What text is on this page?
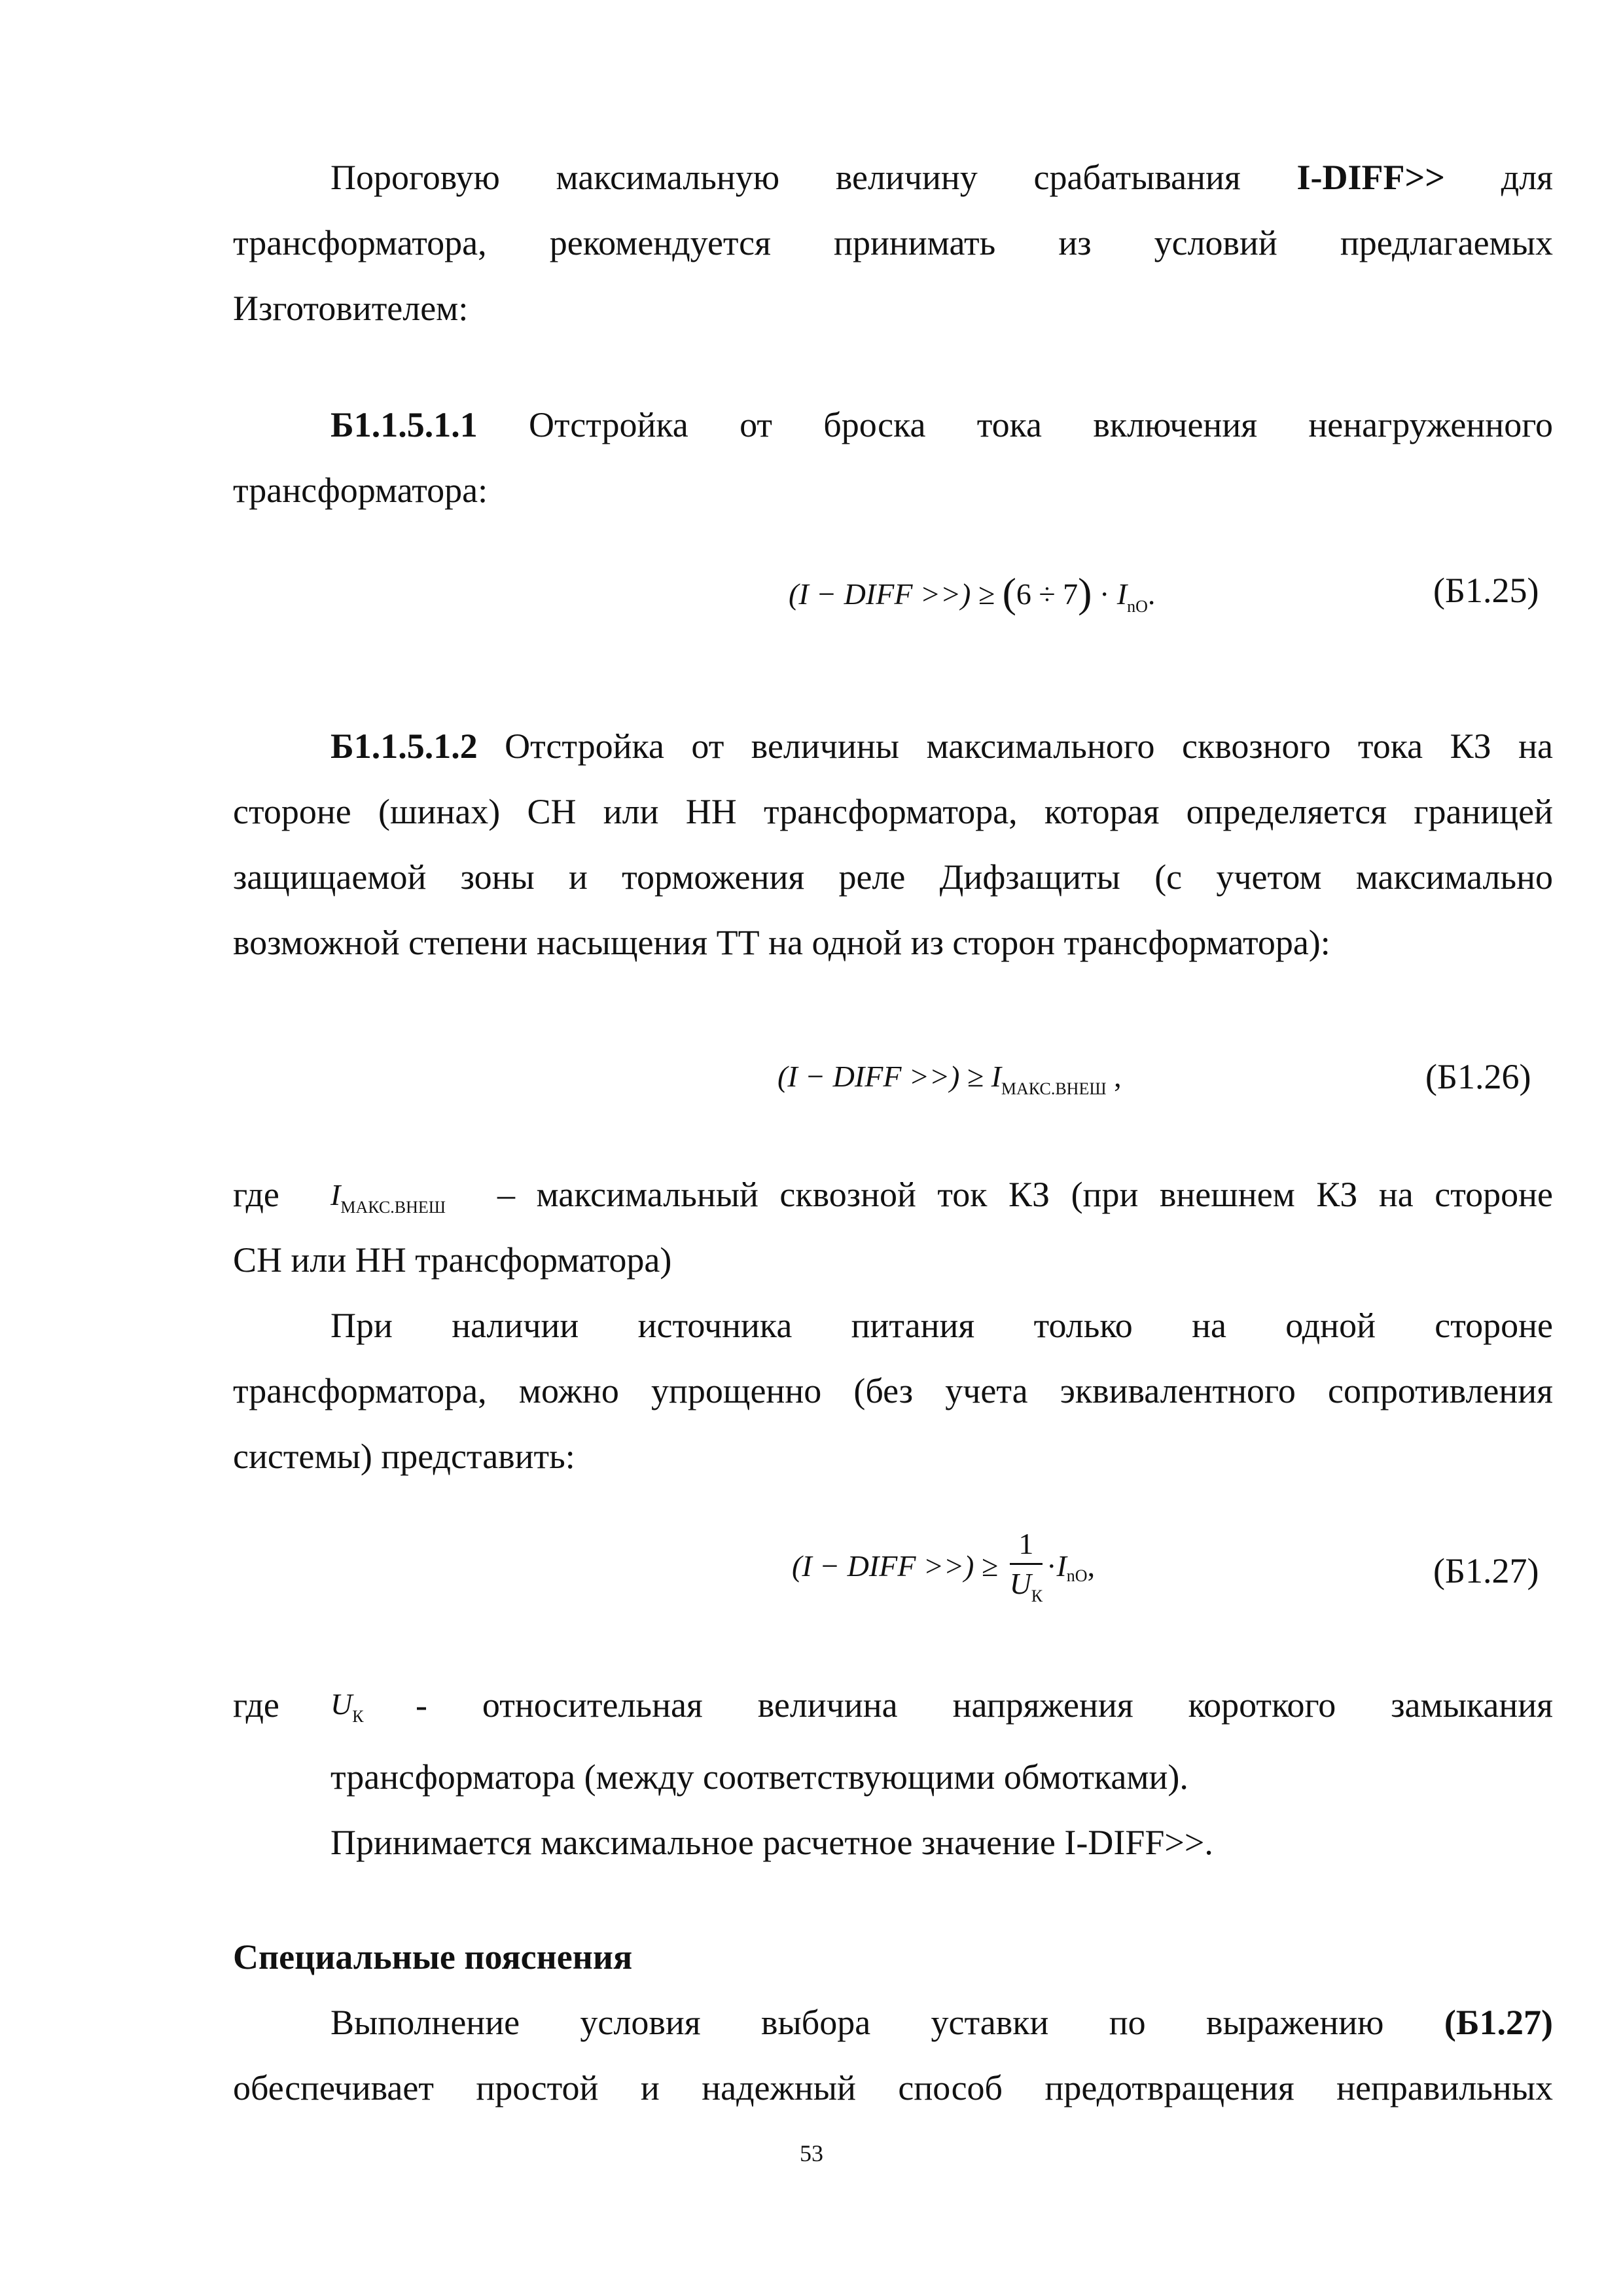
Пороговую максимальную величину срабатывания I-DIFF>> для
трансформатора, рекомендуется принимать из условий предлагаемых
Изготовителем:
Б1.1.5.1.1 Отстройка от броска тока включения ненагруженного
трансформатора:
(I − DIFF >>) ≥ $(6 \div 7) \cdot I_{nO}$.	(Б1.25)
Б1.1.5.1.2 Отстройка от величины максимального сквозного тока КЗ на
стороне (шинах) СН или НН трансформатора, которая определяется границей
защищаемой зоны и торможения реле Дифзащиты (с учетом максимально
возможной степени насыщения ТТ на одной из сторон трансформатора):
(I − DIFF >>) ≥ $I_{МАКС.ВНЕШ}$ ,	(Б1.26)
где $I_{МАКС.ВНЕШ}$ – максимальный сквозной ток КЗ (при внешнем КЗ на стороне
СН или НН трансформатора)
При наличии источника питания только на одной стороне
трансформатора, можно упрощенно (без учета эквивалентного сопротивления
системы) представить:
(I − DIFF >>) ≥ $\frac{1}{U_К} \cdot I_{nO}$,	(Б1.27)
где $U_К$ - относительная величина напряжения короткого замыкания
трансформатора (между соответствующими обмотками).
Принимается максимальное расчетное значение I-DIFF>>.
Специальные пояснения
Выполнение условия выбора уставки по выражению (Б1.27)
обеспечивает простой и надежный способ предотвращения неправильных
53
